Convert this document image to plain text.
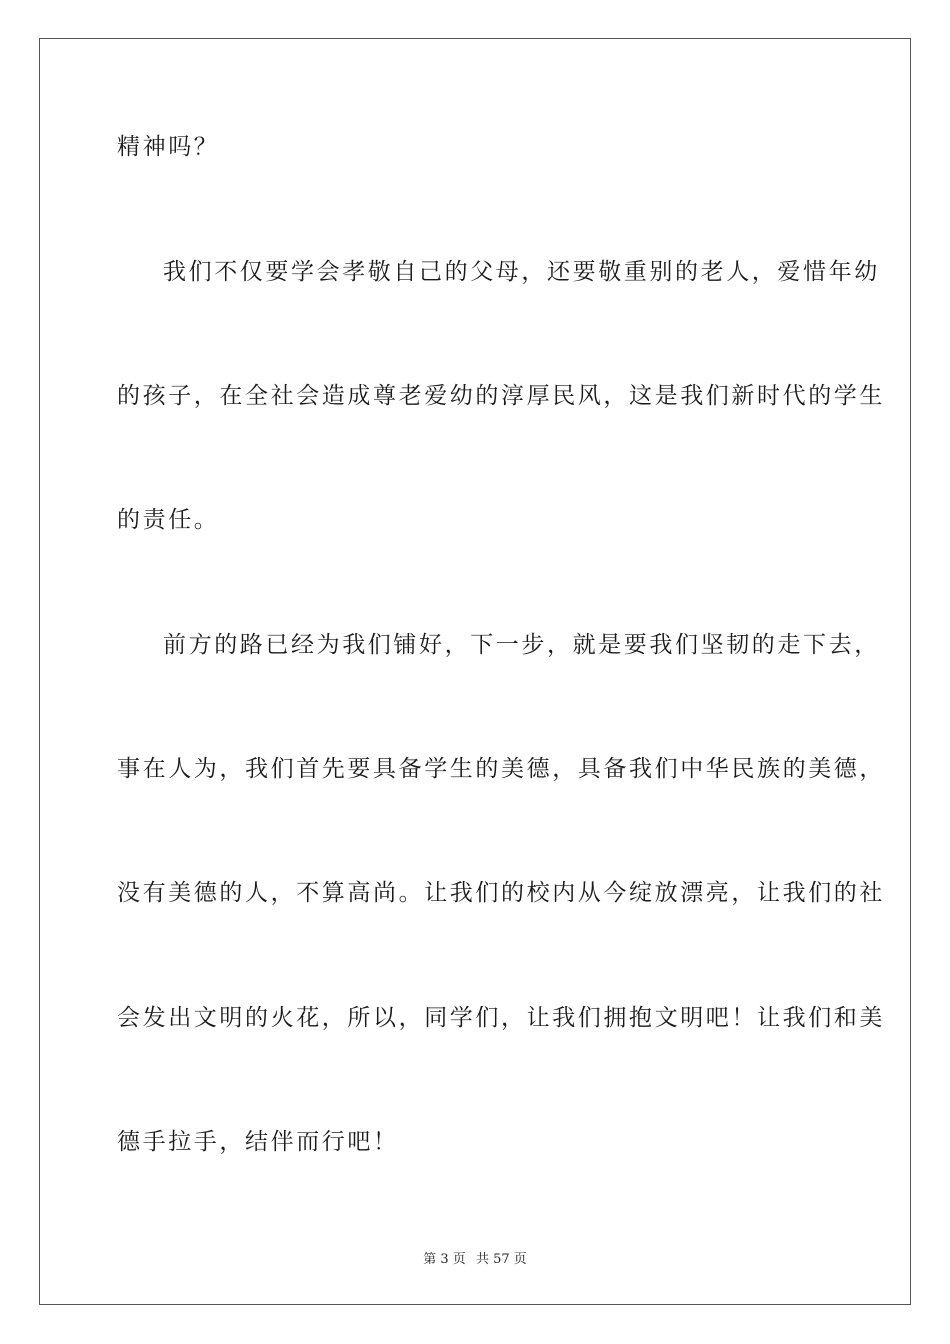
精神吗？
我们不仅要学会孝敬自己的父母，还要敬重别的老人，爱惜年幼
的孩子，在全社会造成尊老爱幼的淳厚民风，这是我们新时代的学生
的责任。
前方的路已经为我们铺好，下一步，就是要我们坚韧的走下去，
事在人为，我们首先要具备学生的美德，具备我们中华民族的美德，
没有美德的人，不算高尚。让我们的校内从今绽放漂亮，让我们的社
会发出文明的火花，所以，同学们，让我们拥抱文明吧！让我们和美
德手拉手，结伴而行吧！
第 3 页 共 57 页
